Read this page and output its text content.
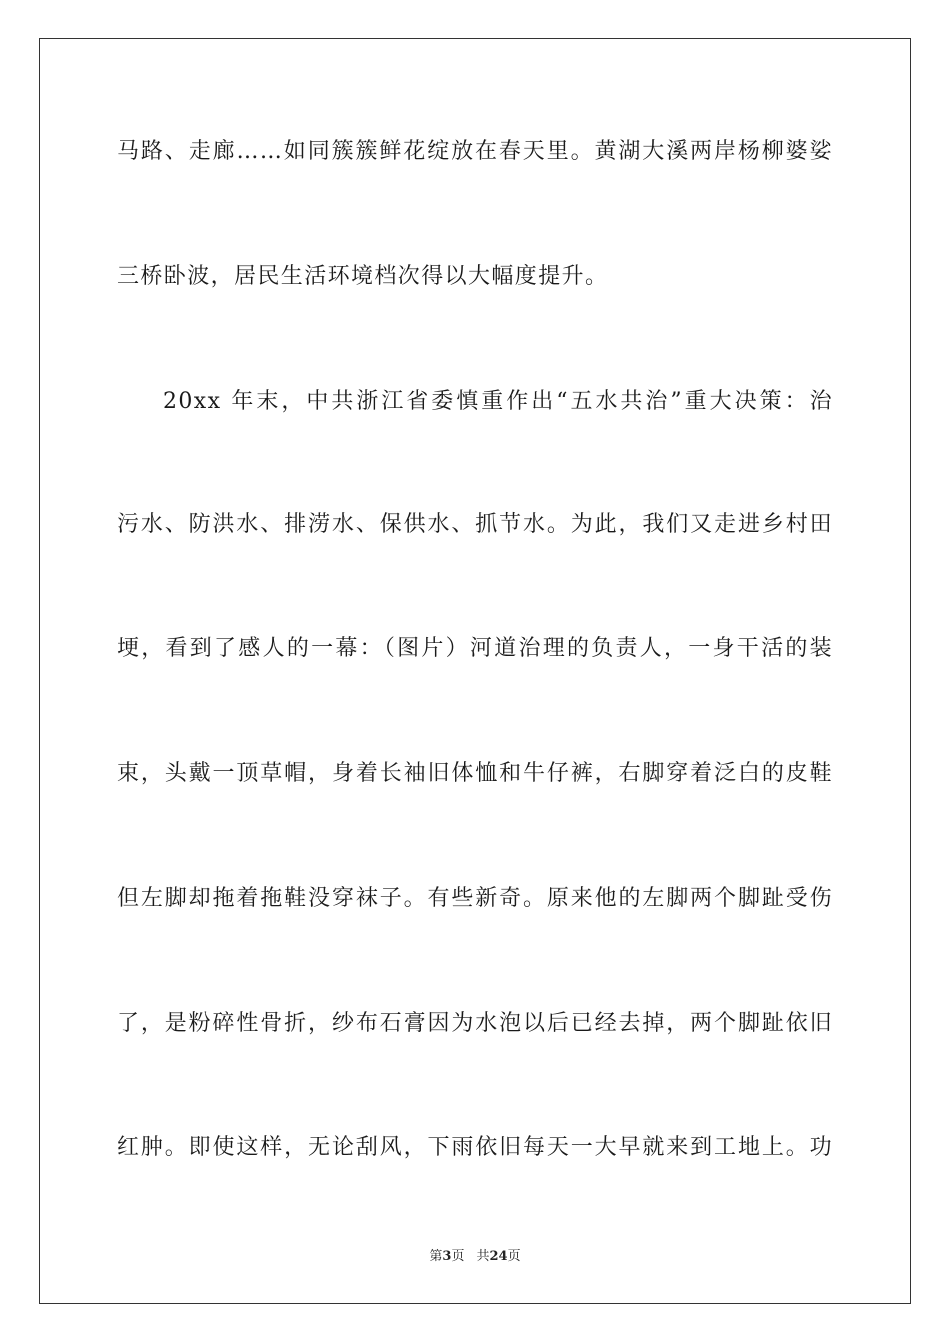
马路、走廊……如同簇簇鲜花绽放在春天里。黄湖大溪两岸杨柳婆娑
三桥卧波，居民生活环境档次得以大幅度提升。
20xx 年末，中共浙江省委慎重作出“五水共治”重大决策：治
污水、防洪水、排涝水、保供水、抓节水。为此，我们又走进乡村田
埂，看到了感人的一幕：（图片）河道治理的负责人，一身干活的装
束，头戴一顶草帽，身着长袖旧体恤和牛仔裤，右脚穿着泛白的皮鞋
但左脚却拖着拖鞋没穿袜子。有些新奇。原来他的左脚两个脚趾受伤
了，是粉碎性骨折，纱布石膏因为水泡以后已经去掉，两个脚趾依旧
红肿。即使这样，无论刮风，下雨依旧每天一大早就来到工地上。功
第3页 共24页
